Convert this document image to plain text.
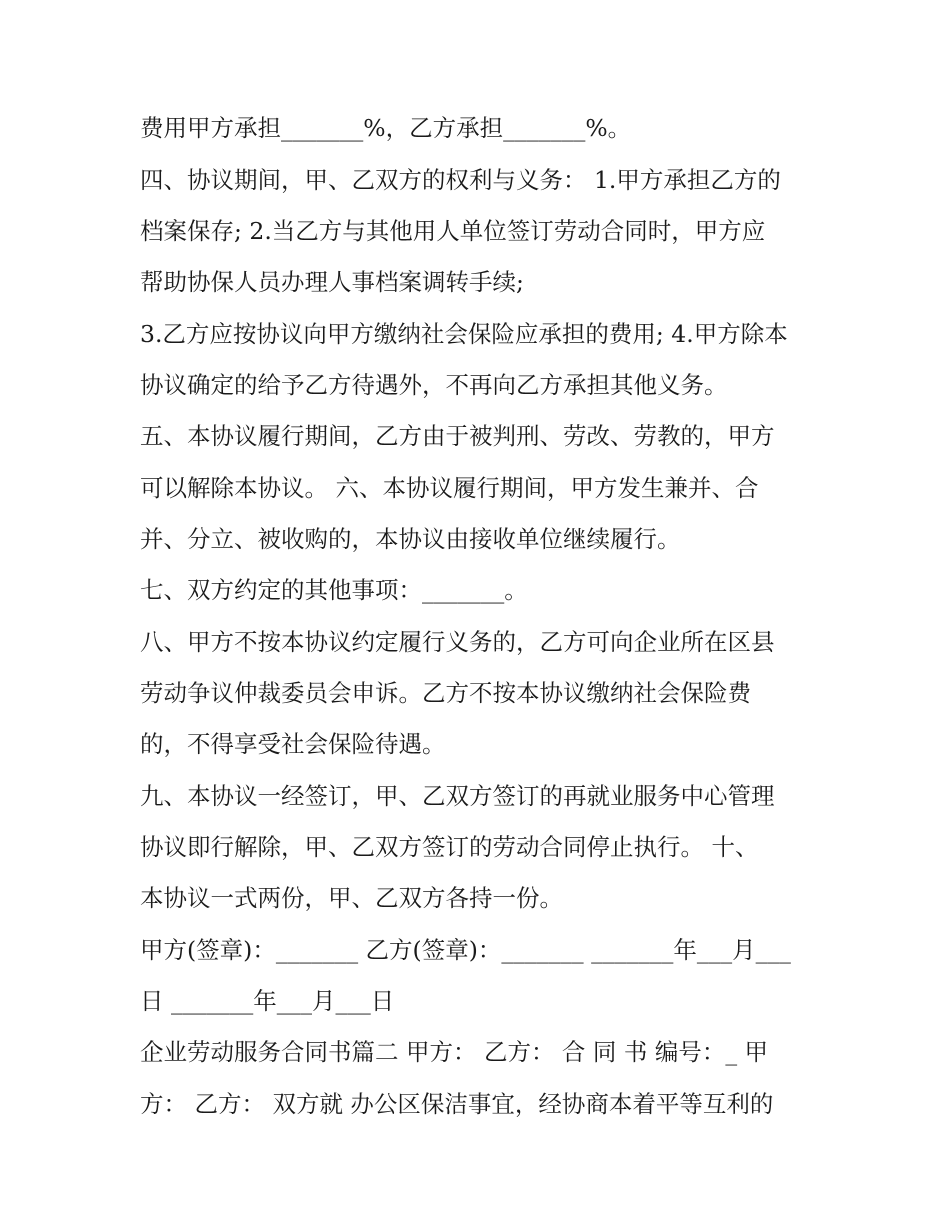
费用甲方承担_______%，乙方承担_______%。
四、协议期间，甲、乙双方的权利与义务： 1.甲方承担乙方的
档案保存; 2.当乙方与其他用人单位签订劳动合同时，甲方应
帮助协保人员办理人事档案调转手续;
3.乙方应按协议向甲方缴纳社会保险应承担的费用; 4.甲方除本
协议确定的给予乙方待遇外，不再向乙方承担其他义务。
五、本协议履行期间，乙方由于被判刑、劳改、劳教的，甲方
可以解除本协议。 六、本协议履行期间，甲方发生兼并、合
并、分立、被收购的，本协议由接收单位继续履行。
七、双方约定的其他事项：_______。
八、甲方不按本协议约定履行义务的，乙方可向企业所在区县
劳动争议仲裁委员会申诉。乙方不按本协议缴纳社会保险费
的，不得享受社会保险待遇。
九、本协议一经签订，甲、乙双方签订的再就业服务中心管理
协议即行解除，甲、乙双方签订的劳动合同停止执行。 十、
本协议一式两份，甲、乙双方各持一份。
甲方(签章)：_______ 乙方(签章)：_______ _______年___月___
日 _______年___月___日
企业劳动服务合同书篇二 甲方： 乙方： 合 同 书 编号：_ 甲
方： 乙方： 双方就 办公区保洁事宜，经协商本着平等互利的
